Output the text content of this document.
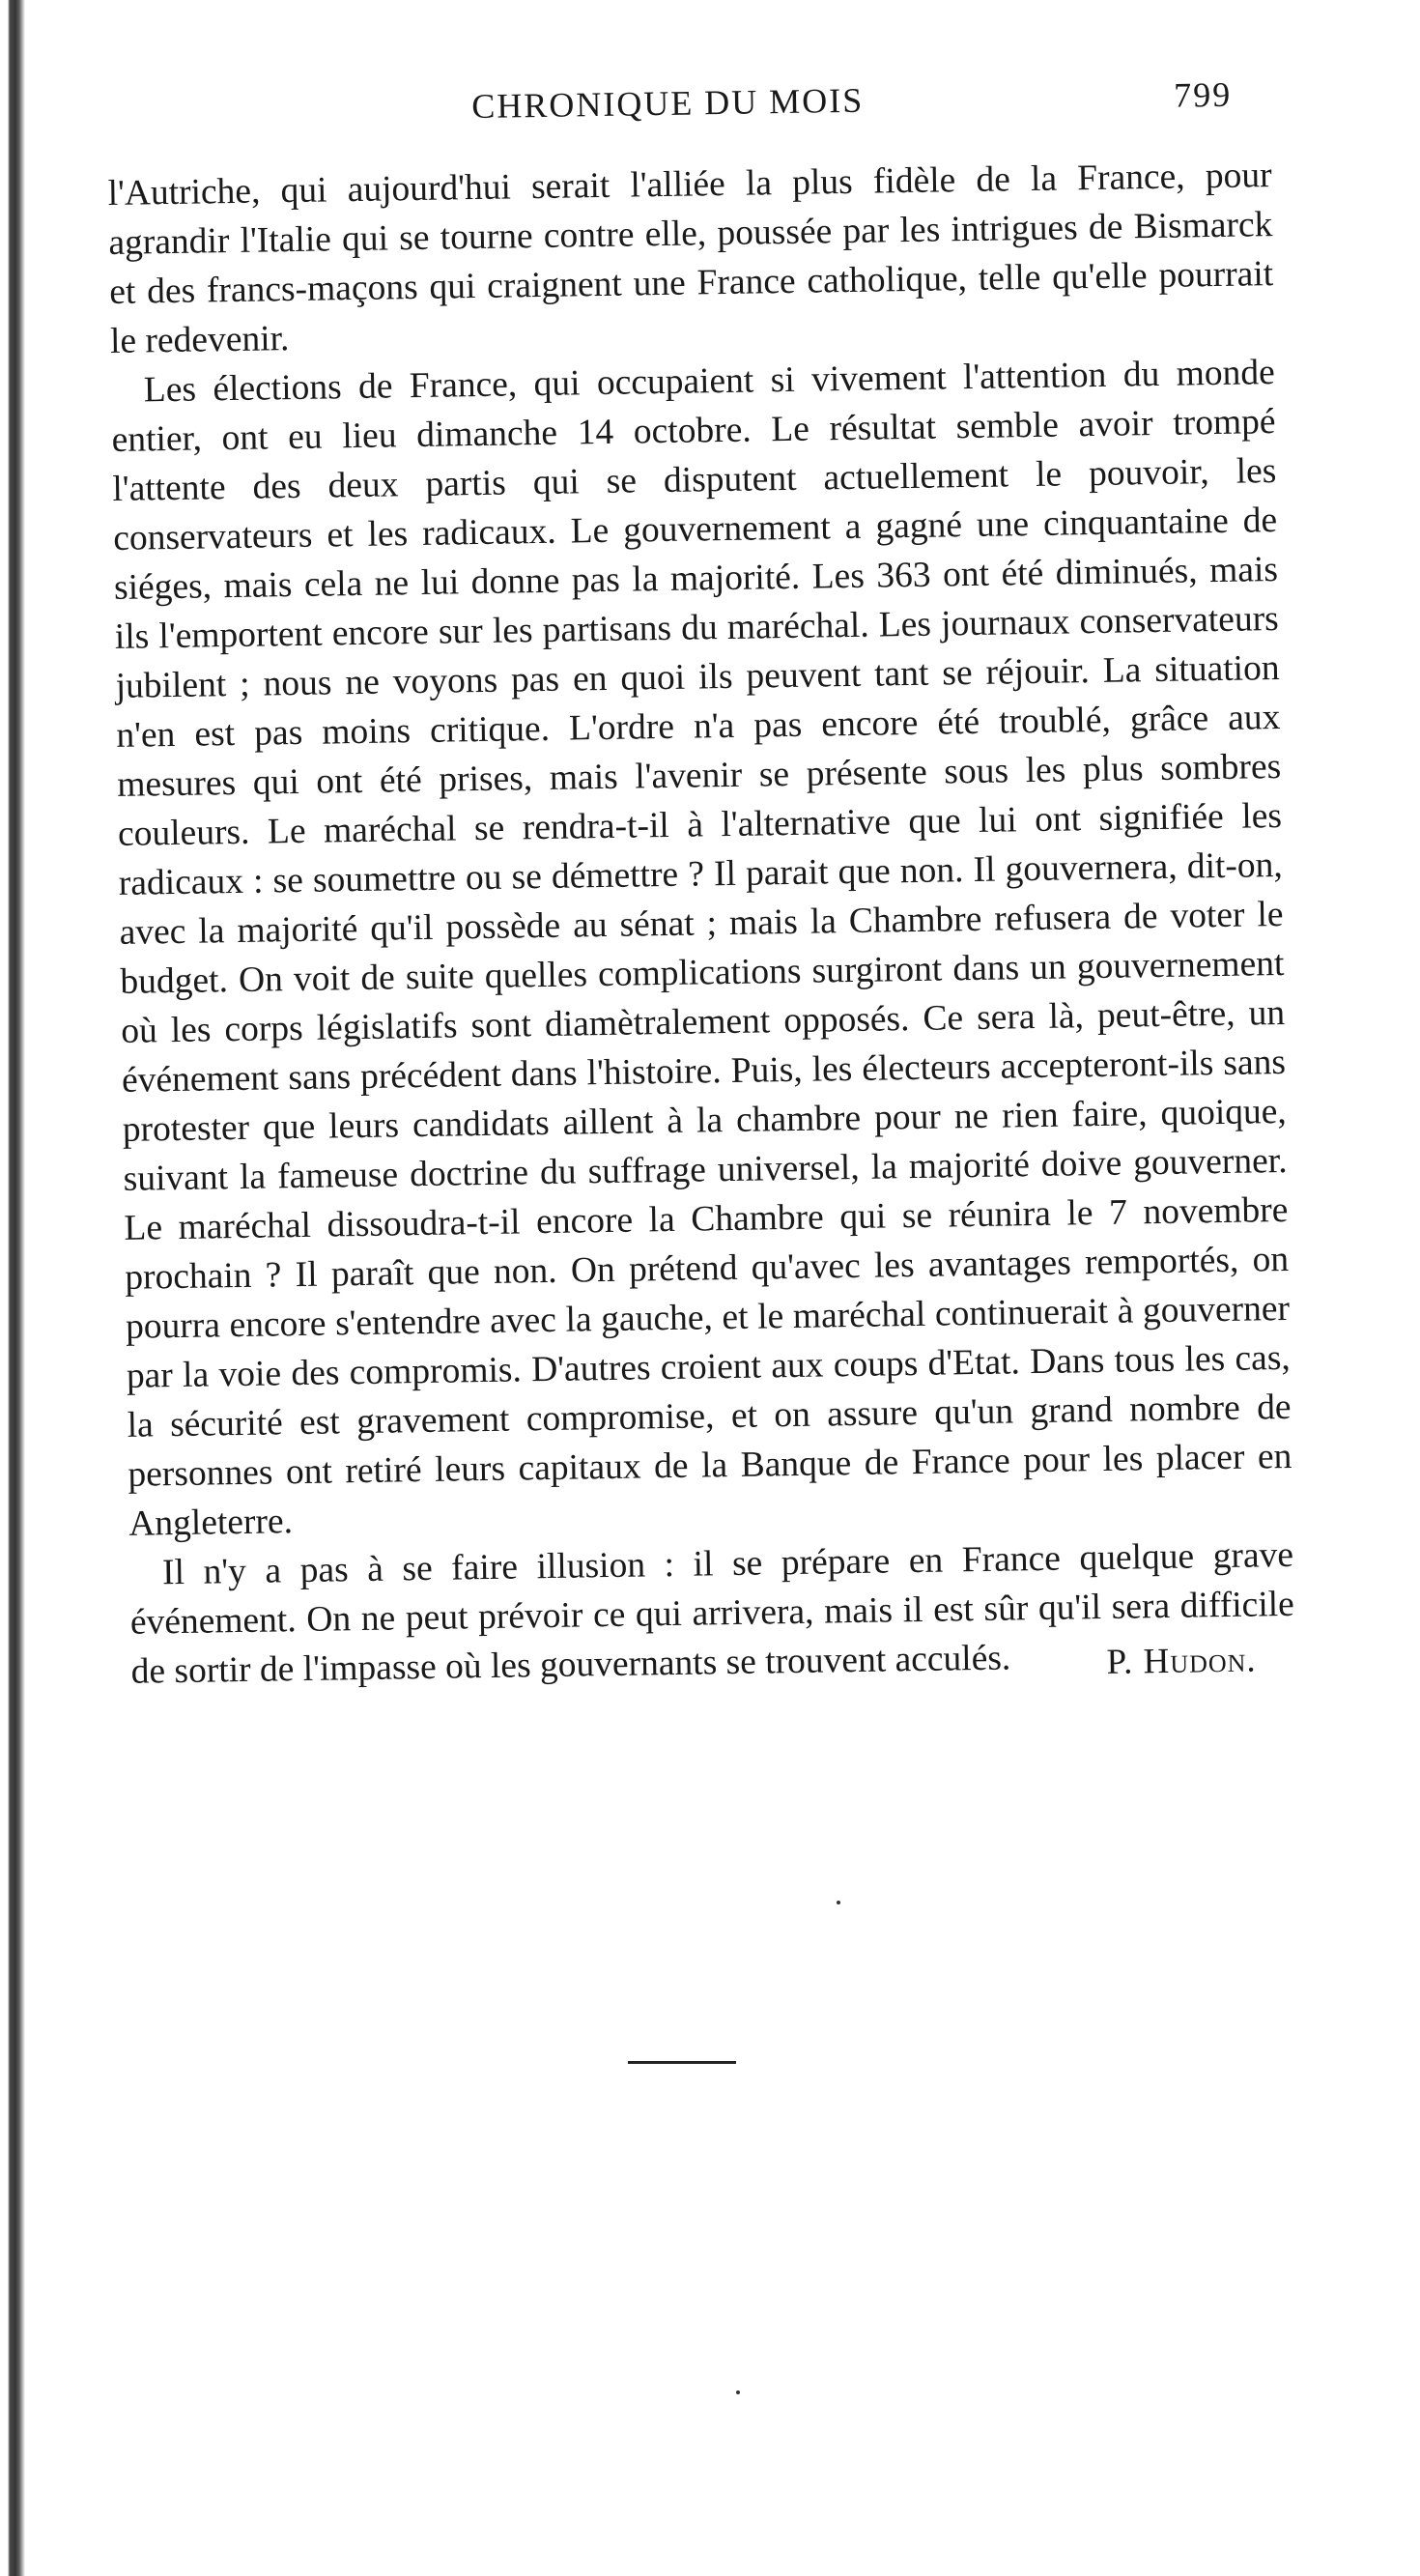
CHRONIQUE DU MOIS	799

l'Autriche, qui aujourd'hui serait l'alliée la plus fidèle de la France, pour agrandir l'Italie qui se tourne contre elle, poussée par les intrigues de Bismarck et des francs-maçons qui craignent une France catholique, telle qu'elle pourrait le redevenir.

Les élections de France, qui occupaient si vivement l'attention du monde entier, ont eu lieu dimanche 14 octobre. Le résultat semble avoir trompé l'attente des deux partis qui se disputent actuellement le pouvoir, les conservateurs et les radicaux. Le gouvernement a gagné une cinquantaine de siéges, mais cela ne lui donne pas la majorité. Les 363 ont été diminués, mais ils l'emportent encore sur les partisans du maréchal. Les journaux conservateurs jubilent ; nous ne voyons pas en quoi ils peuvent tant se réjouir. La situation n'en est pas moins critique. L'ordre n'a pas encore été troublé, grâce aux mesures qui ont été prises, mais l'avenir se présente sous les plus sombres couleurs. Le maréchal se rendra-t-il à l'alternative que lui ont signifiée les radicaux : se soumettre ou se démettre ? Il parait que non. Il gouvernera, dit-on, avec la majorité qu'il possède au sénat ; mais la Chambre refusera de voter le budget. On voit de suite quelles complications surgiront dans un gouvernement où les corps législatifs sont diamètralement opposés. Ce sera là, peut-être, un événement sans précédent dans l'histoire. Puis, les électeurs accepteront-ils sans protester que leurs candidats aillent à la chambre pour ne rien faire, quoique, suivant la fameuse doctrine du suffrage universel, la majorité doive gouverner. Le maréchal dissoudra-t-il encore la Chambre qui se réunira le 7 novembre prochain ? Il paraît que non. On prétend qu'avec les avantages remportés, on pourra encore s'entendre avec la gauche, et le maréchal continuerait à gouverner par la voie des compromis. D'autres croient aux coups d'Etat. Dans tous les cas, la sécurité est gravement compromise, et on assure qu'un grand nombre de personnes ont retiré leurs capitaux de la Banque de France pour les placer en Angleterre.

Il n'y a pas à se faire illusion : il se prépare en France quelque grave événement. On ne peut prévoir ce qui arrivera, mais il est sûr qu'il sera difficile de sortir de l'impasse où les gouvernants se trouvent acculés.	P. Hudon.
